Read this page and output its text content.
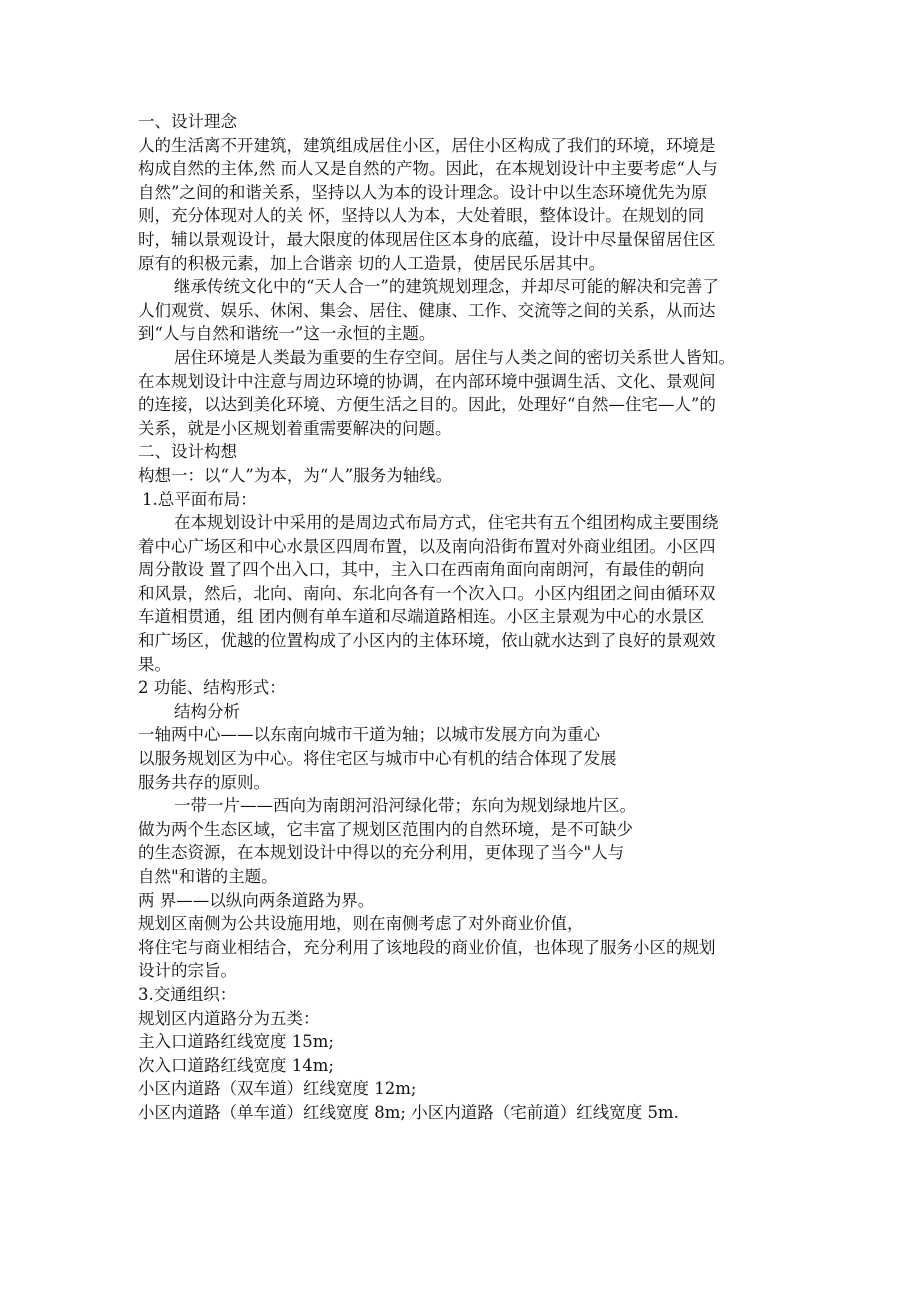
一、设计理念

人的生活离不开建筑，建筑组成居住小区，居住小区构成了我们的环境，环境是

构成自然的主体,然 而人又是自然的产物。因此，在本规划设计中主要考虑“人与

自然”之间的和谐关系，坚持以人为本的设计理念。设计中以生态环境优先为原

则，充分体现对人的关 怀，坚持以人为本，大处着眼，整体设计。在规划的同

时，辅以景观设计，最大限度的体现居住区本身的底蕴，设计中尽量保留居住区

原有的积极元素，加上合谐亲 切的人工造景，使居民乐居其中。

继承传统文化中的“天人合一”的建筑规划理念，并却尽可能的解决和完善了

人们观赏、娱乐、休闲、集会、居住、健康、工作、交流等之间的关系，从而达

到“人与自然和谐统一”这一永恒的主题。

居住环境是人类最为重要的生存空间。居住与人类之间的密切关系世人皆知。

在本规划设计中注意与周边环境的协调，在内部环境中强调生活、文化、景观间

的连接，以达到美化环境、方便生活之目的。因此，处理好“自然—住宅—人”的

关系，就是小区规划着重需要解决的问题。

二、设计构想

构想一：以“人”为本，为“人”服务为轴线。

1.总平面布局：

在本规划设计中采用的是周边式布局方式，住宅共有五个组团构成主要围绕

着中心广场区和中心水景区四周布置，以及南向沿街布置对外商业组团。小区四

周分散设 置了四个出入口，其中，主入口在西南角面向南朗河，有最佳的朝向

和风景，然后，北向、南向、东北向各有一个次入口。小区内组团之间由循环双

车道相贯通，组 团内侧有单车道和尽端道路相连。小区主景观为中心的水景区

和广场区，优越的位置构成了小区内的主体环境，依山就水达到了良好的景观效

果。

2 功能、结构形式：

结构分析

一轴两中心——以东南向城市干道为轴；以城市发展方向为重心

以服务规划区为中心。将住宅区与城市中心有机的结合体现了发展

服务共存的原则。

一带一片——西向为南朗河沿河绿化带；东向为规划绿地片区。

做为两个生态区域，它丰富了规划区范围内的自然环境，是不可缺少

的生态资源，在本规划设计中得以的充分利用，更体现了当今"人与

自然"和谐的主题。

两 界——以纵向两条道路为界。

规划区南侧为公共设施用地，则在南侧考虑了对外商业价值，

将住宅与商业相结合，充分利用了该地段的商业价值，也体现了服务小区的规划

设计的宗旨。

3.交通组织：

规划区内道路分为五类：

主入口道路红线宽度 15m;

次入口道路红线宽度 14m;

小区内道路（双车道）红线宽度 12m;

小区内道路（单车道）红线宽度 8m; 小区内道路（宅前道）红线宽度 5m.
